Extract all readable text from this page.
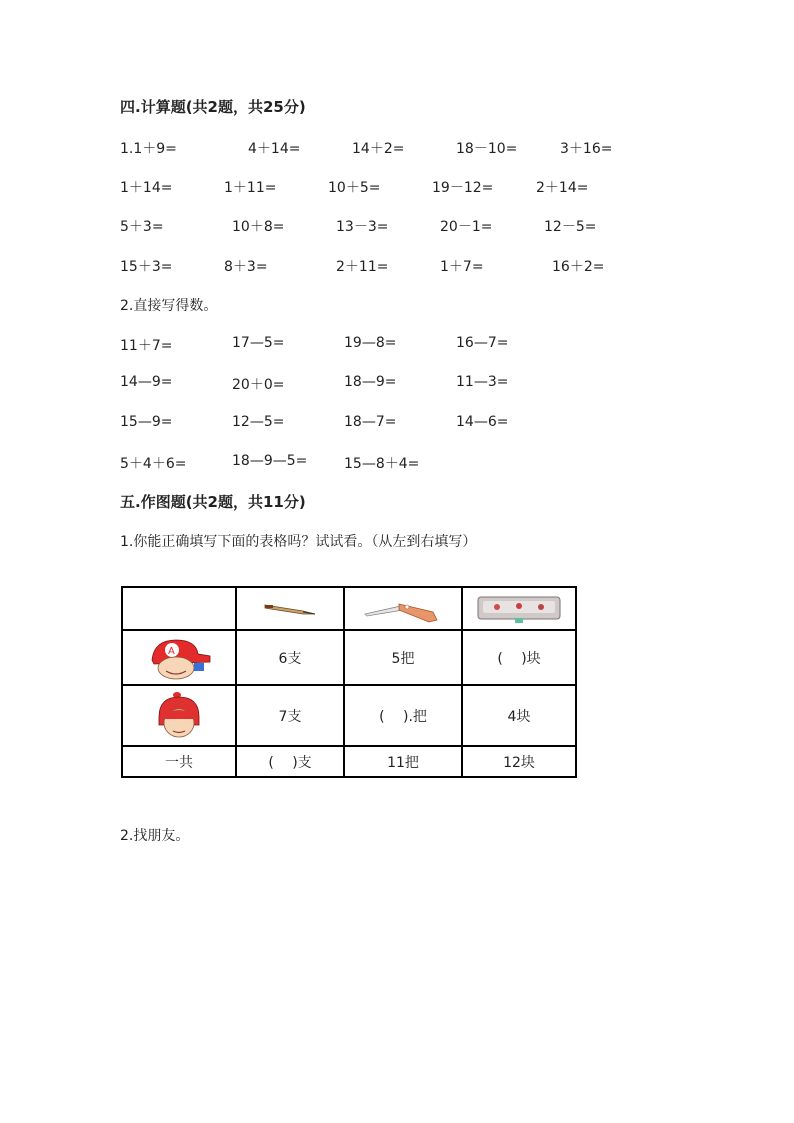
四.计算题(共2题，共25分)
1.1＋9=	4＋14=	14＋2=	18－10=	3＋16=
1＋14=	1＋11=	10＋5=	19－12=	2＋14=
5＋3=	10＋8=	13－3=	20－1=	12－5=
15＋3=	8＋3=	2＋11=	1＋7=	16＋2=
2.直接写得数。
11＋7=	17—5=	19—8=	16—7=
14—9=	20＋0=	18—9=	11—3=
15—9=	12—5=	18—7=	14—6=
5＋4＋6=	18—9—5=	15—8＋4=
五.作图题(共2题，共11分)
1.你能正确填写下面的表格吗？试试看。（从左到右填写）

A	6支	5把	(　 )块

	7支	(　 ).把	4块
一共	(　 )支	11把	12块
2.找朋友。
